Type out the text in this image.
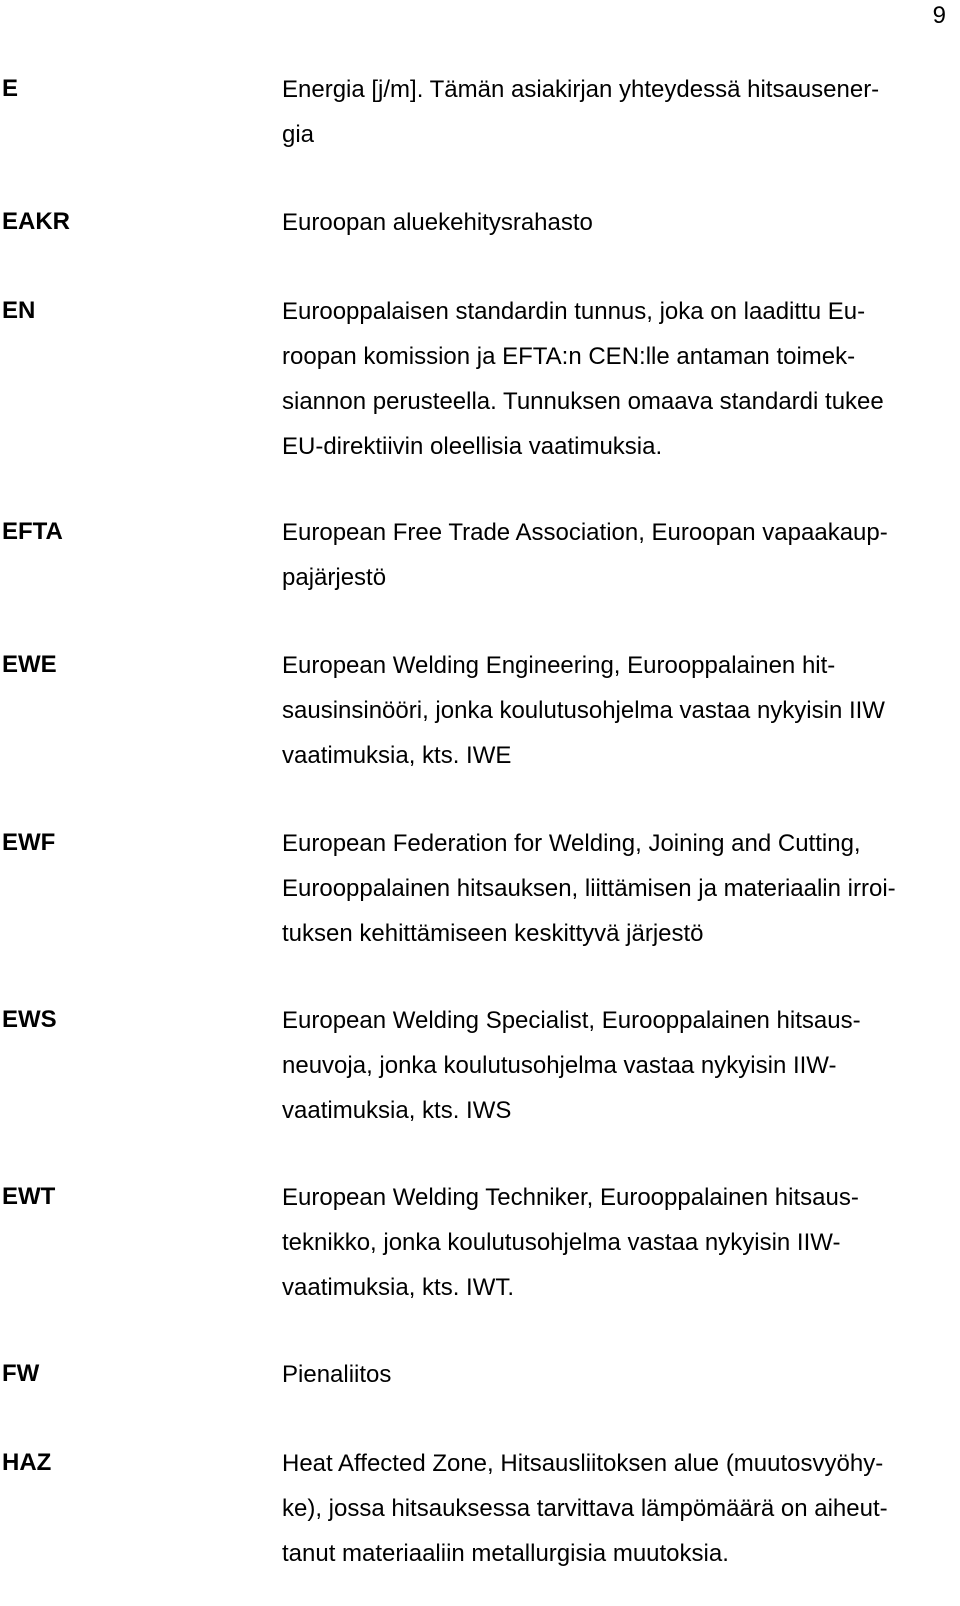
9
E	Energia [j/m]. Tämän asiakirjan yhteydessä hitsausener-
gia
EAKR	Euroopan aluekehitysrahasto
EN	Eurooppalaisen standardin tunnus, joka on laadittu Eu-
roopan komission ja EFTA:n CEN:lle antaman toimek-
siannon perusteella. Tunnuksen omaava standardi tukee
EU-direktiivin oleellisia vaatimuksia.
EFTA	European Free Trade Association, Euroopan vapaakaup-
pajärjestö
EWE	European Welding Engineering, Eurooppalainen hit-
sausinsinööri, jonka koulutusohjelma vastaa nykyisin IIW
vaatimuksia, kts. IWE
EWF	European Federation for Welding, Joining and Cutting,
Eurooppalainen hitsauksen, liittämisen ja materiaalin irroi-
tuksen kehittämiseen keskittyvä järjestö
EWS	European Welding Specialist, Eurooppalainen hitsaus-
neuvoja, jonka koulutusohjelma vastaa nykyisin IIW-
vaatimuksia, kts. IWS
EWT	European Welding Techniker, Eurooppalainen hitsaus-
teknikko, jonka koulutusohjelma vastaa nykyisin IIW-
vaatimuksia, kts. IWT.
FW	Pienaliitos
HAZ	Heat Affected Zone, Hitsausliitoksen alue (muutosvyöhy-
ke), jossa hitsauksessa tarvittava lämpömäärä on aiheut-
tanut materiaaliin metallurgisia muutoksia.
